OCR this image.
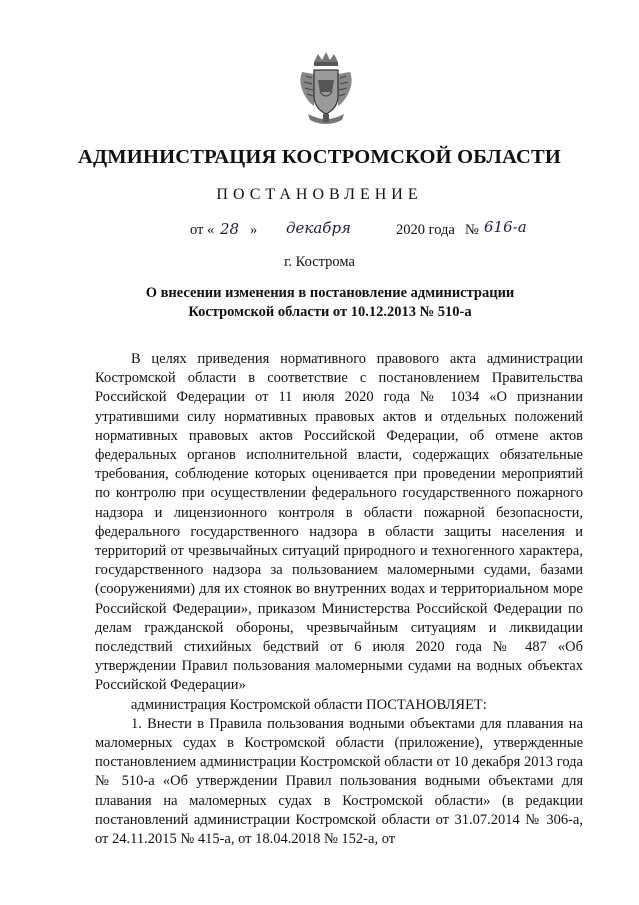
АДМИНИСТРАЦИЯ КОСТРОМСКОЙ ОБЛАСТИ
ПОСТАНОВЛЕНИЕ
от « 28 » декабря	2020 года № 616-а
г. Кострома
О внесении изменения в постановление администрации
Костромской области от 10.12.2013 № 510-а

В целях приведения нормативного правового акта администрации Костромской области в соответствие с постановлением Правительства Российской Федерации от 11 июля 2020 года № 1034 «О признании утратившими силу нормативных правовых актов и отдельных положений нормативных правовых актов Российской Федерации, об отмене актов федеральных органов исполнительной власти, содержащих обязательные требования, соблюдение которых оценивается при проведении мероприятий по контролю при осуществлении федерального государственного пожарного надзора и лицензионного контроля в области пожарной безопасности, федерального государственного надзора в области защиты населения и территорий от чрезвычайных ситуаций природного и техногенного характера, государственного надзора за пользованием маломерными судами, базами (сооружениями) для их стоянок во внутренних водах и территориальном море Российской Федерации», приказом Министерства Российской Федерации по делам гражданской обороны, чрезвычайным ситуациям и ликвидации последствий стихийных бедствий от 6 июля 2020 года № 487 «Об утверждении Правил пользования маломерными судами на водных объектах Российской Федерации»

администрация Костромской области ПОСТАНОВЛЯЕТ:

1. Внести в Правила пользования водными объектами для плавания на маломерных судах в Костромской области (приложение), утвержденные постановлением администрации Костромской области от 10 декабря 2013 года № 510-а «Об утверждении Правил пользования водными объектами для плавания на маломерных судах в Костромской области» (в редакции постановлений администрации Костромской области от 31.07.2014 № 306-а, от 24.11.2015 № 415-а, от 18.04.2018 № 152-а, от
